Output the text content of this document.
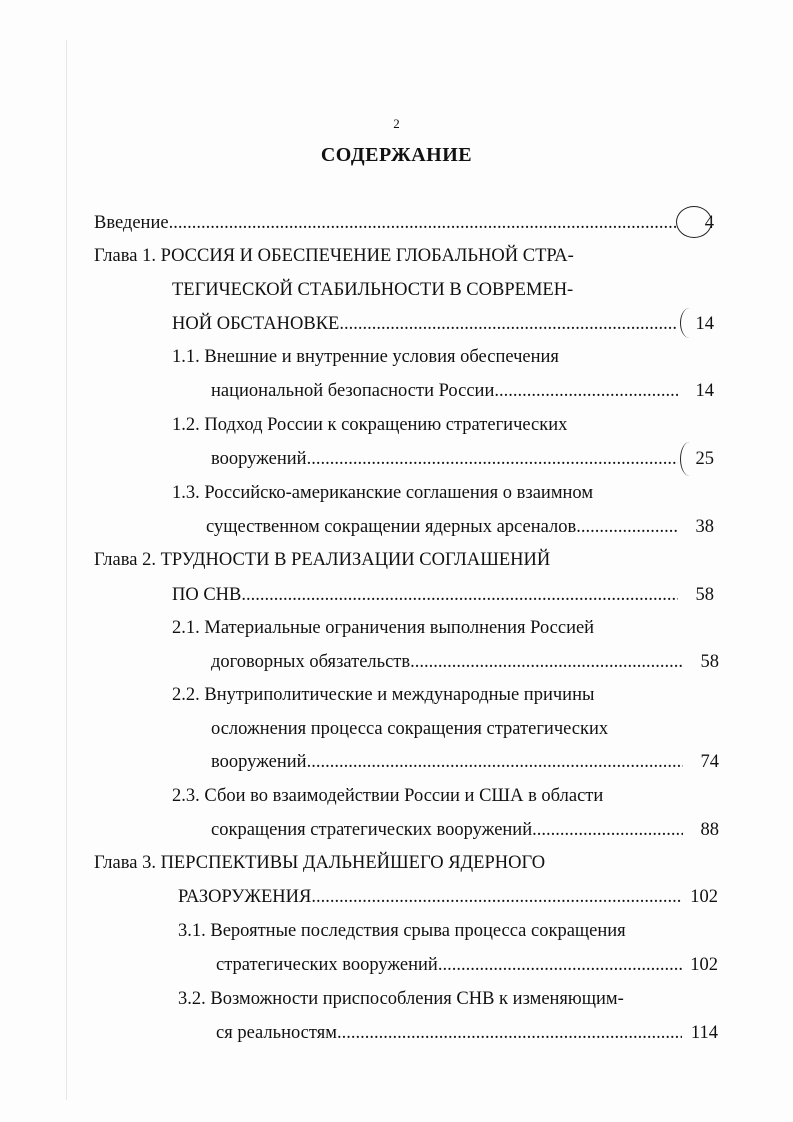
2
СОДЕРЖАНИЕ
Введение .....	4
Глава 1. РОССИЯ И ОБЕСПЕЧЕНИЕ ГЛОБАЛЬНОЙ СТРА-
ТЕГИЧЕСКОЙ СТАБИЛЬНОСТИ В СОВРЕМЕН-
НОЙ ОБСТАНОВКЕ .....	14
1.1. Внешние и внутренние условия обеспечения
национальной безопасности России .....	14
1.2. Подход России к сокращению стратегических
вооружений .....	25
1.3. Российско-американские соглашения о взаимном
существенном сокращении ядерных арсеналов .....	38
Глава 2. ТРУДНОСТИ В РЕАЛИЗАЦИИ СОГЛАШЕНИЙ
ПО СНВ .....	58
2.1. Материальные ограничения выполнения Россией
договорных обязательств .....	58
2.2. Внутриполитические и международные причины
осложнения процесса сокращения стратегических
вооружений .....	74
2.3. Сбои во взаимодействии России и США в области
сокращения стратегических вооружений .....	88
Глава 3. ПЕРСПЕКТИВЫ ДАЛЬНЕЙШЕГО ЯДЕРНОГО
РАЗОРУЖЕНИЯ .....	102
3.1. Вероятные последствия срыва процесса сокращения
стратегических вооружений .....	102
3.2. Возможности приспособления СНВ к изменяющим-
ся реальностям .....	114
